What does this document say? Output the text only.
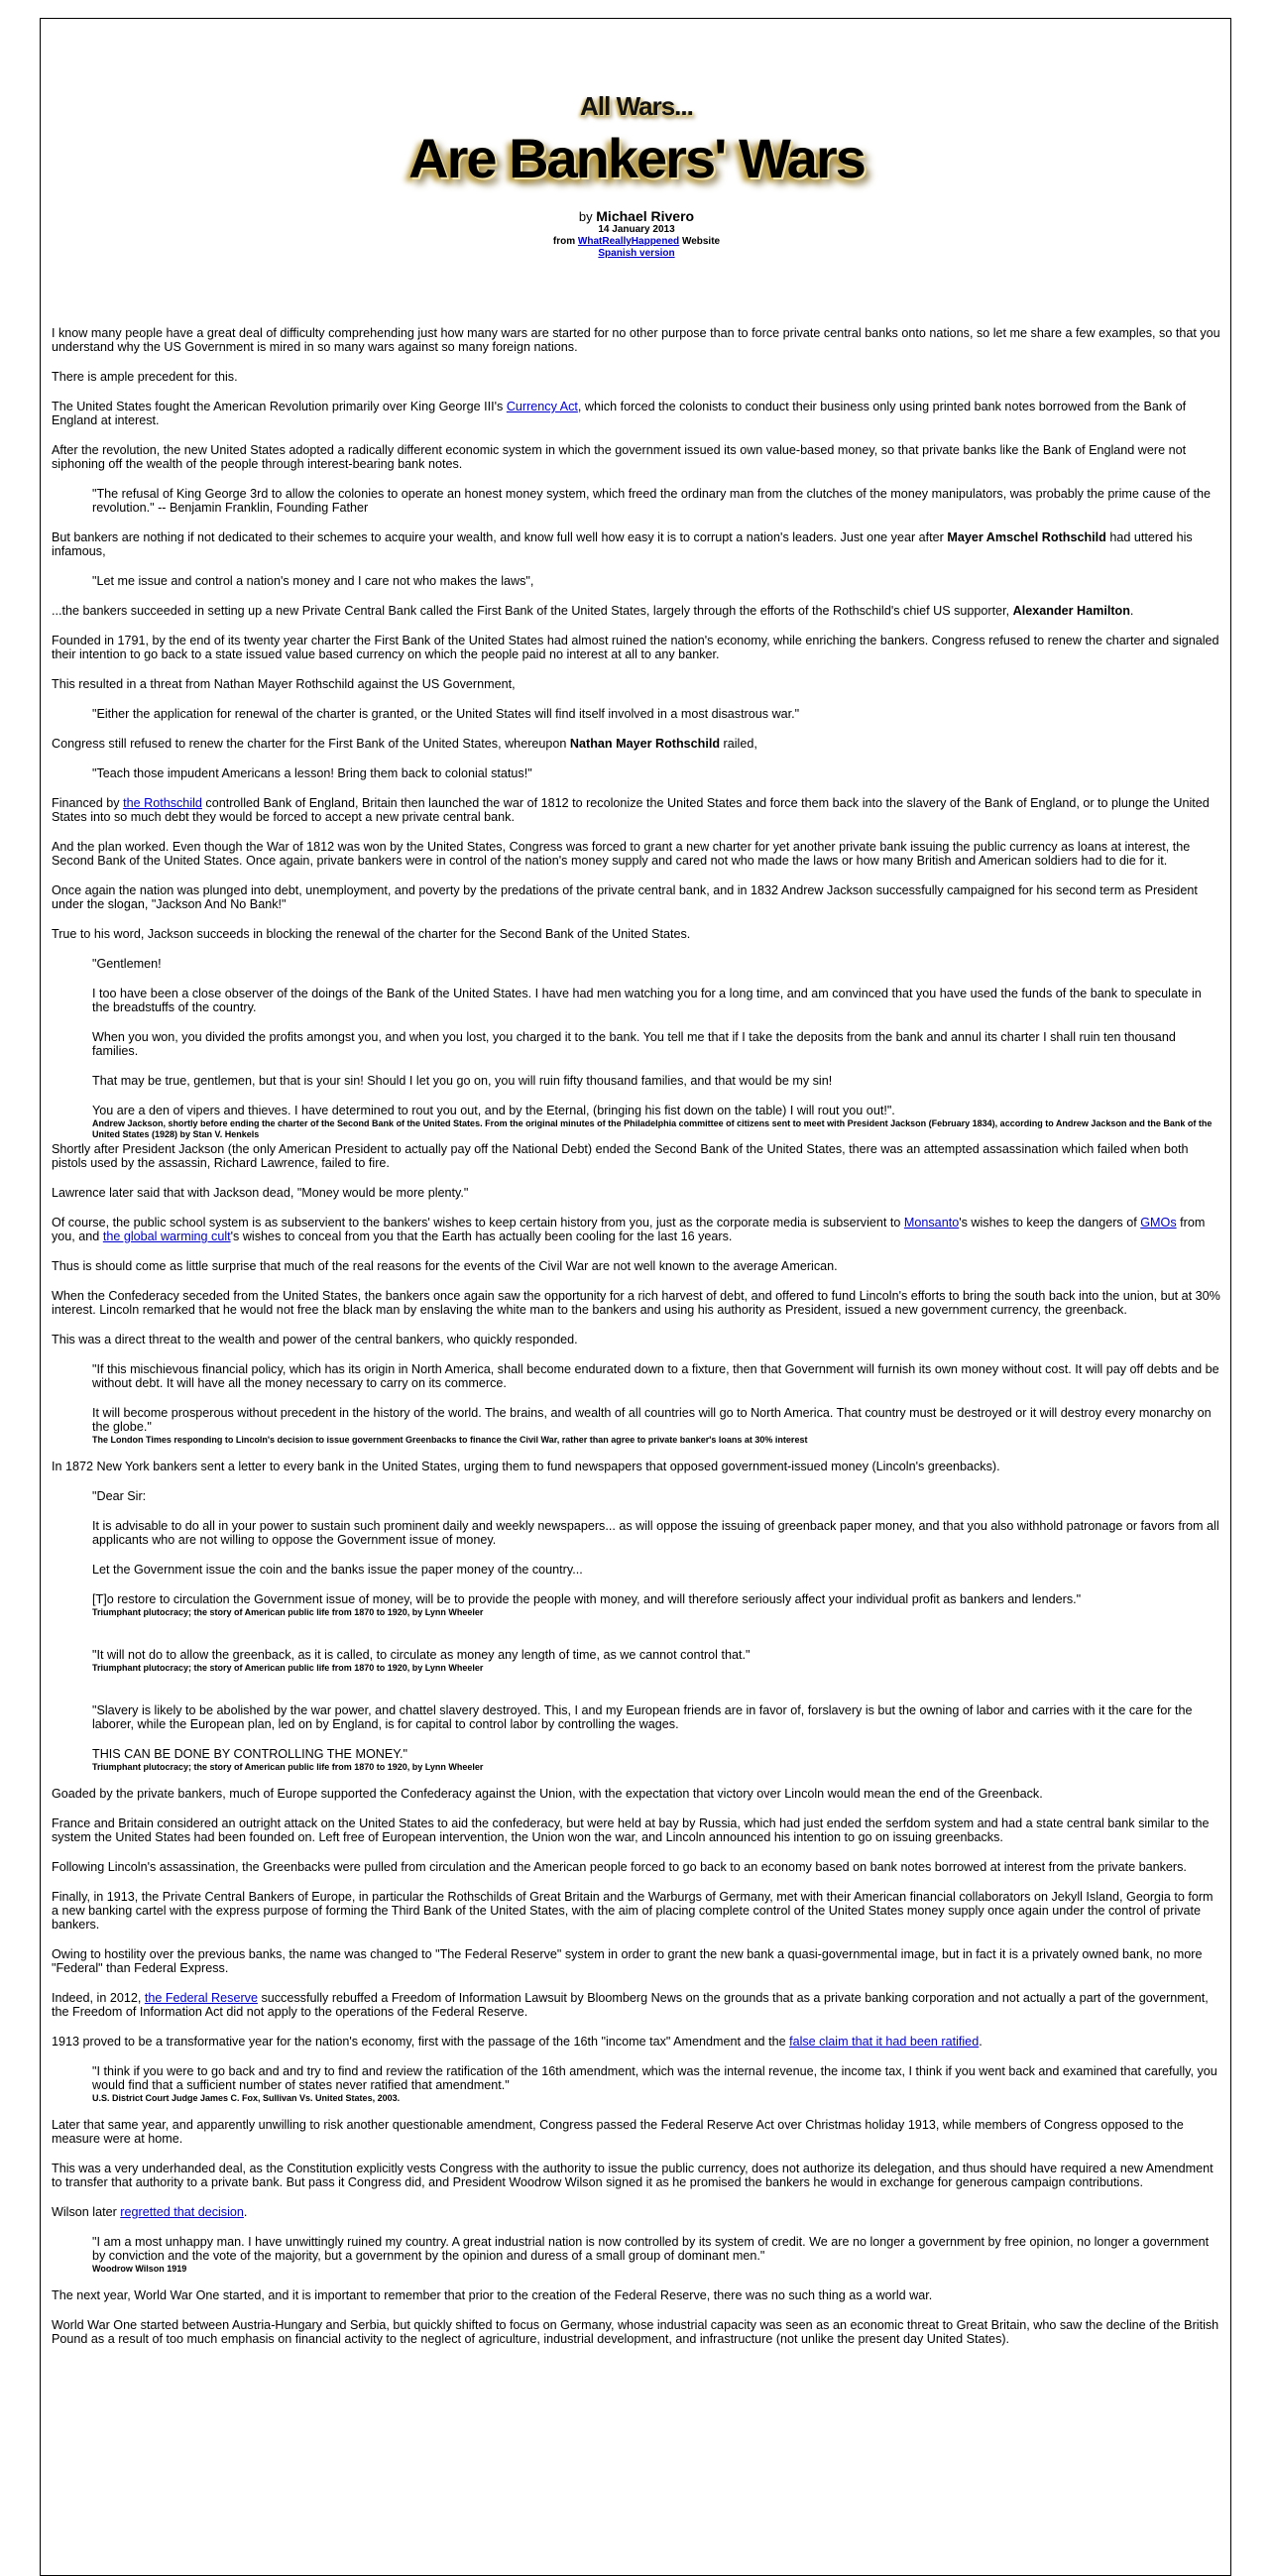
All Wars...
Are Bankers' Wars
by Michael Rivero
14 January 2013
from WhatReallyHappened Website
Spanish version

I know many people have a great deal of difficulty comprehending just how many wars are started for no other purpose than to force private central banks onto nations, so let me share a few examples, so that you understand why the US Government is mired in so many wars against so many foreign nations.

There is ample precedent for this.

The United States fought the American Revolution primarily over King George III's Currency Act, which forced the colonists to conduct their business only using printed bank notes borrowed from the Bank of England at interest.

After the revolution, the new United States adopted a radically different economic system in which the government issued its own value-based money, so that private banks like the Bank of England were not siphoning off the wealth of the people through interest-bearing bank notes.

"The refusal of King George 3rd to allow the colonies to operate an honest money system, which freed the ordinary man from the clutches of the money manipulators, was probably the prime cause of the revolution." -- Benjamin Franklin, Founding Father

But bankers are nothing if not dedicated to their schemes to acquire your wealth, and know full well how easy it is to corrupt a nation's leaders. Just one year after Mayer Amschel Rothschild had uttered his infamous,

"Let me issue and control a nation's money and I care not who makes the laws",

...the bankers succeeded in setting up a new Private Central Bank called the First Bank of the United States, largely through the efforts of the Rothschild's chief US supporter, Alexander Hamilton.

Founded in 1791, by the end of its twenty year charter the First Bank of the United States had almost ruined the nation's economy, while enriching the bankers. Congress refused to renew the charter and signaled their intention to go back to a state issued value based currency on which the people paid no interest at all to any banker.

This resulted in a threat from Nathan Mayer Rothschild against the US Government,

"Either the application for renewal of the charter is granted, or the United States will find itself involved in a most disastrous war."

Congress still refused to renew the charter for the First Bank of the United States, whereupon Nathan Mayer Rothschild railed,

"Teach those impudent Americans a lesson! Bring them back to colonial status!"

Financed by the Rothschild controlled Bank of England, Britain then launched the war of 1812 to recolonize the United States and force them back into the slavery of the Bank of England, or to plunge the United States into so much debt they would be forced to accept a new private central bank.

And the plan worked. Even though the War of 1812 was won by the United States, Congress was forced to grant a new charter for yet another private bank issuing the public currency as loans at interest, the Second Bank of the United States. Once again, private bankers were in control of the nation's money supply and cared not who made the laws or how many British and American soldiers had to die for it.

Once again the nation was plunged into debt, unemployment, and poverty by the predations of the private central bank, and in 1832 Andrew Jackson successfully campaigned for his second term as President under the slogan, "Jackson And No Bank!"

True to his word, Jackson succeeds in blocking the renewal of the charter for the Second Bank of the United States.

"Gentlemen!

I too have been a close observer of the doings of the Bank of the United States. I have had men watching you for a long time, and am convinced that you have used the funds of the bank to speculate in the breadstuffs of the country.

When you won, you divided the profits amongst you, and when you lost, you charged it to the bank. You tell me that if I take the deposits from the bank and annul its charter I shall ruin ten thousand families.

That may be true, gentlemen, but that is your sin! Should I let you go on, you will ruin fifty thousand families, and that would be my sin!

You are a den of vipers and thieves. I have determined to rout you out, and by the Eternal, (bringing his fist down on the table) I will rout you out!".
Andrew Jackson, shortly before ending the charter of the Second Bank of the United States. From the original minutes of the Philadelphia committee of citizens sent to meet with President Jackson (February 1834), according to Andrew Jackson and the Bank of the United States (1928) by Stan V. Henkels

Shortly after President Jackson (the only American President to actually pay off the National Debt) ended the Second Bank of the United States, there was an attempted assassination which failed when both pistols used by the assassin, Richard Lawrence, failed to fire.

Lawrence later said that with Jackson dead, "Money would be more plenty."

Of course, the public school system is as subservient to the bankers' wishes to keep certain history from you, just as the corporate media is subservient to Monsanto's wishes to keep the dangers of GMOs from you, and the global warming cult's wishes to conceal from you that the Earth has actually been cooling for the last 16 years.

Thus is should come as little surprise that much of the real reasons for the events of the Civil War are not well known to the average American.

When the Confederacy seceded from the United States, the bankers once again saw the opportunity for a rich harvest of debt, and offered to fund Lincoln's efforts to bring the south back into the union, but at 30% interest. Lincoln remarked that he would not free the black man by enslaving the white man to the bankers and using his authority as President, issued a new government currency, the greenback.

This was a direct threat to the wealth and power of the central bankers, who quickly responded.

"If this mischievous financial policy, which has its origin in North America, shall become endurated down to a fixture, then that Government will furnish its own money without cost. It will pay off debts and be without debt. It will have all the money necessary to carry on its commerce.

It will become prosperous without precedent in the history of the world. The brains, and wealth of all countries will go to North America. That country must be destroyed or it will destroy every monarchy on the globe."
The London Times responding to Lincoln's decision to issue government Greenbacks to finance the Civil War, rather than agree to private banker's loans at 30% interest

In 1872 New York bankers sent a letter to every bank in the United States, urging them to fund newspapers that opposed government-issued money (Lincoln's greenbacks).

"Dear Sir:

It is advisable to do all in your power to sustain such prominent daily and weekly newspapers... as will oppose the issuing of greenback paper money, and that you also withhold patronage or favors from all applicants who are not willing to oppose the Government issue of money.

Let the Government issue the coin and the banks issue the paper money of the country...

[T]o restore to circulation the Government issue of money, will be to provide the people with money, and will therefore seriously affect your individual profit as bankers and lenders."
Triumphant plutocracy; the story of American public life from 1870 to 1920, by Lynn Wheeler

"It will not do to allow the greenback, as it is called, to circulate as money any length of time, as we cannot control that."
Triumphant plutocracy; the story of American public life from 1870 to 1920, by Lynn Wheeler

"Slavery is likely to be abolished by the war power, and chattel slavery destroyed. This, I and my European friends are in favor of, forslavery is but the owning of labor and carries with it the care for the laborer, while the European plan, led on by England, is for capital to control labor by controlling the wages.

THIS CAN BE DONE BY CONTROLLING THE MONEY."
Triumphant plutocracy; the story of American public life from 1870 to 1920, by Lynn Wheeler

Goaded by the private bankers, much of Europe supported the Confederacy against the Union, with the expectation that victory over Lincoln would mean the end of the Greenback.

France and Britain considered an outright attack on the United States to aid the confederacy, but were held at bay by Russia, which had just ended the serfdom system and had a state central bank similar to the system the United States had been founded on. Left free of European intervention, the Union won the war, and Lincoln announced his intention to go on issuing greenbacks.

Following Lincoln's assassination, the Greenbacks were pulled from circulation and the American people forced to go back to an economy based on bank notes borrowed at interest from the private bankers.

Finally, in 1913, the Private Central Bankers of Europe, in particular the Rothschilds of Great Britain and the Warburgs of Germany, met with their American financial collaborators on Jekyll Island, Georgia to form a new banking cartel with the express purpose of forming the Third Bank of the United States, with the aim of placing complete control of the United States money supply once again under the control of private bankers.

Owing to hostility over the previous banks, the name was changed to "The Federal Reserve" system in order to grant the new bank a quasi-governmental image, but in fact it is a privately owned bank, no more "Federal" than Federal Express.

Indeed, in 2012, the Federal Reserve successfully rebuffed a Freedom of Information Lawsuit by Bloomberg News on the grounds that as a private banking corporation and not actually a part of the government, the Freedom of Information Act did not apply to the operations of the Federal Reserve.

1913 proved to be a transformative year for the nation's economy, first with the passage of the 16th "income tax" Amendment and the false claim that it had been ratified.

"I think if you were to go back and and try to find and review the ratification of the 16th amendment, which was the internal revenue, the income tax, I think if you went back and examined that carefully, you would find that a sufficient number of states never ratified that amendment."
U.S. District Court Judge James C. Fox, Sullivan Vs. United States, 2003.

Later that same year, and apparently unwilling to risk another questionable amendment, Congress passed the Federal Reserve Act over Christmas holiday 1913, while members of Congress opposed to the measure were at home.

This was a very underhanded deal, as the Constitution explicitly vests Congress with the authority to issue the public currency, does not authorize its delegation, and thus should have required a new Amendment to transfer that authority to a private bank. But pass it Congress did, and President Woodrow Wilson signed it as he promised the bankers he would in exchange for generous campaign contributions.

Wilson later regretted that decision.

"I am a most unhappy man. I have unwittingly ruined my country. A great industrial nation is now controlled by its system of credit. We are no longer a government by free opinion, no longer a government by conviction and the vote of the majority, but a government by the opinion and duress of a small group of dominant men."
Woodrow Wilson 1919

The next year, World War One started, and it is important to remember that prior to the creation of the Federal Reserve, there was no such thing as a world war.

World War One started between Austria-Hungary and Serbia, but quickly shifted to focus on Germany, whose industrial capacity was seen as an economic threat to Great Britain, who saw the decline of the British Pound as a result of too much emphasis on financial activity to the neglect of agriculture, industrial development, and infrastructure (not unlike the present day United States).
